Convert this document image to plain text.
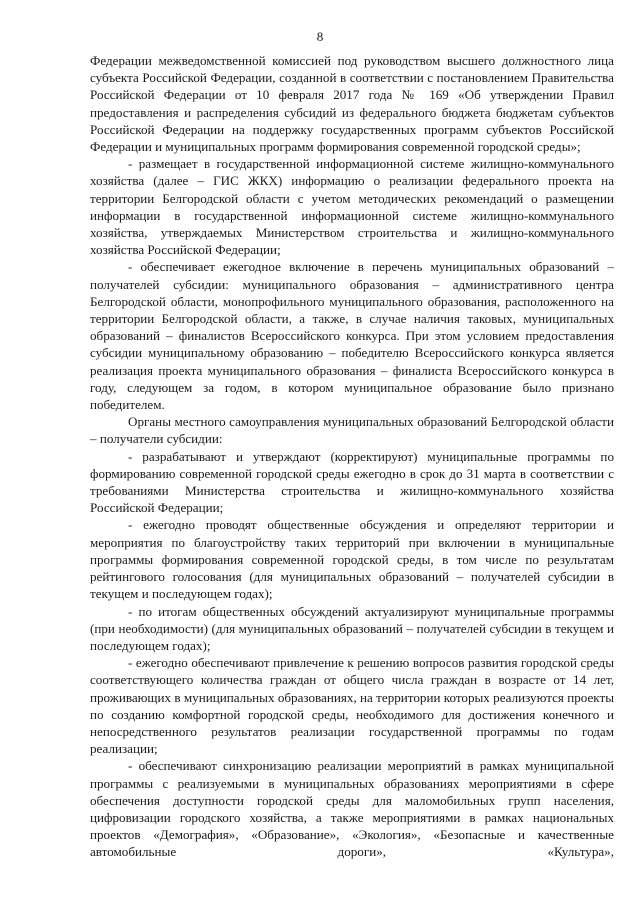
8

Федерации межведомственной комиссией под руководством высшего должностного лица субъекта Российской Федерации, созданной в соответствии с постановлением Правительства Российской Федерации от 10 февраля 2017 года № 169 «Об утверждении Правил предоставления и распределения субсидий из федерального бюджета бюджетам субъектов Российской Федерации на поддержку государственных программ субъектов Российской Федерации и муниципальных программ формирования современной городской среды»;

- размещает в государственной информационной системе жилищно-коммунального хозяйства (далее – ГИС ЖКХ) информацию о реализации федерального проекта на территории Белгородской области с учетом методических рекомендаций о размещении информации в государственной информационной системе жилищно-коммунального хозяйства, утверждаемых Министерством строительства и жилищно-коммунального хозяйства Российской Федерации;

- обеспечивает ежегодное включение в перечень муниципальных образований – получателей субсидии: муниципального образования – административного центра Белгородской области, монопрофильного муниципального образования, расположенного на территории Белгородской области, а также, в случае наличия таковых, муниципальных образований – финалистов Всероссийского конкурса. При этом условием предоставления субсидии муниципальному образованию – победителю Всероссийского конкурса является реализация проекта муниципального образования – финалиста Всероссийского конкурса в году, следующем за годом, в котором муниципальное образование было признано победителем.

Органы местного самоуправления муниципальных образований Белгородской области – получатели субсидии:

- разрабатывают и утверждают (корректируют) муниципальные программы по формированию современной городской среды ежегодно в срок до 31 марта в соответствии с требованиями Министерства строительства и жилищно-коммунального хозяйства Российской Федерации;

- ежегодно проводят общественные обсуждения и определяют территории и мероприятия по благоустройству таких территорий при включении в муниципальные программы формирования современной городской среды, в том числе по результатам рейтингового голосования (для муниципальных образований – получателей субсидии в текущем и последующем годах);

- по итогам общественных обсуждений актуализируют муниципальные программы (при необходимости) (для муниципальных образований – получателей субсидии в текущем и последующем годах);

- ежегодно обеспечивают привлечение к решению вопросов развития городской среды соответствующего количества граждан от общего числа граждан в возрасте от 14 лет, проживающих в муниципальных образованиях, на территории которых реализуются проекты по созданию комфортной городской среды, необходимого для достижения конечного и непосредственного результатов реализации государственной программы по годам реализации;

- обеспечивают синхронизацию реализации мероприятий в рамках муниципальной программы с реализуемыми в муниципальных образованиях мероприятиями в сфере обеспечения доступности городской среды для маломобильных групп населения, цифровизации городского хозяйства, а также мероприятиями в рамках национальных проектов «Демография», «Образование», «Экология», «Безопасные и качественные автомобильные дороги», «Культура»,
